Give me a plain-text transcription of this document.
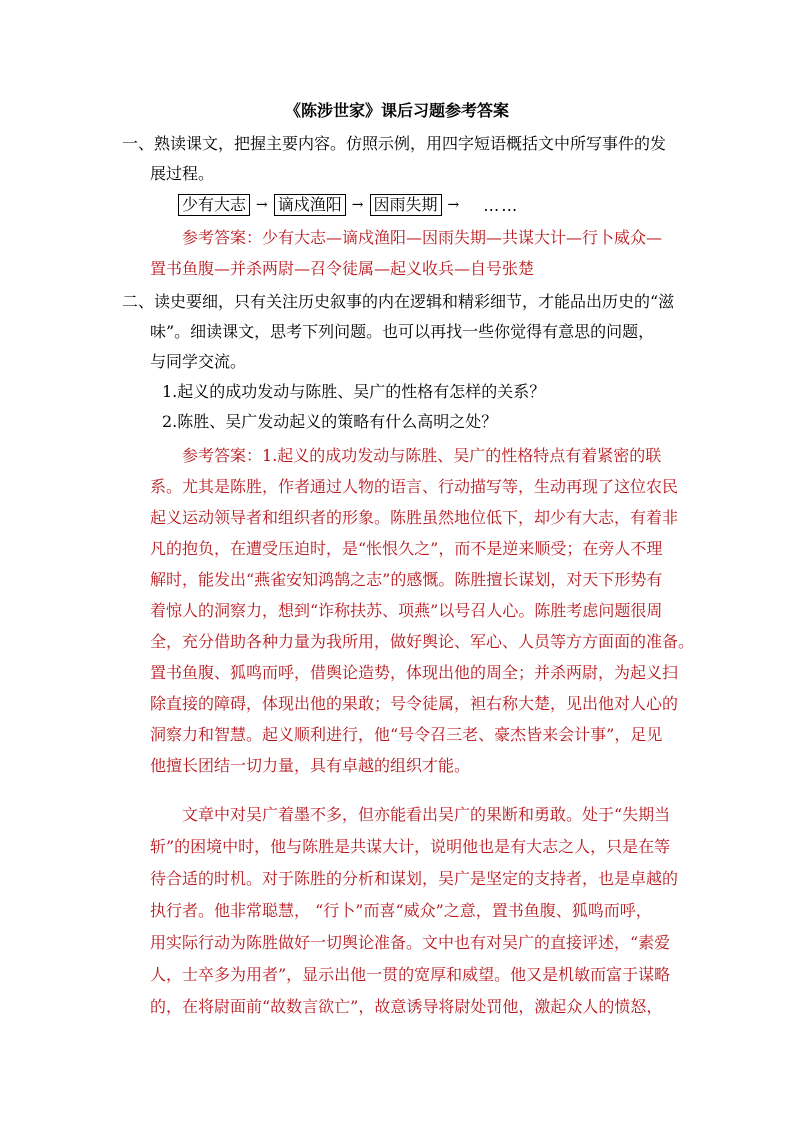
《陈涉世家》课后习题参考答案
一、熟读课文，把握主要内容。仿照示例，用四字短语概括文中所写事件的发
展过程。
少有大志 → 谪戍渔阳 → 因雨失期 → ……
参考答案：少有大志—谪戍渔阳—因雨失期—共谋大计—行卜威众—
置书鱼腹—并杀两尉—召令徒属—起义收兵—自号张楚
二、读史要细，只有关注历史叙事的内在逻辑和精彩细节，才能品出历史的“滋
味”。细读课文，思考下列问题。也可以再找一些你觉得有意思的问题，
与同学交流。
1.起义的成功发动与陈胜、吴广的性格有怎样的关系？
2.陈胜、吴广发动起义的策略有什么高明之处？
参考答案：1.起义的成功发动与陈胜、吴广的性格特点有着紧密的联
系。尤其是陈胜，作者通过人物的语言、行动描写等，生动再现了这位农民
起义运动领导者和组织者的形象。陈胜虽然地位低下，却少有大志，有着非
凡的抱负，在遭受压迫时，是“怅恨久之”，而不是逆来顺受；在旁人不理
解时，能发出“燕雀安知鸿鹄之志”的感慨。陈胜擅长谋划，对天下形势有
着惊人的洞察力，想到“诈称扶苏、项燕”以号召人心。陈胜考虑问题很周
全，充分借助各种力量为我所用，做好舆论、军心、人员等方方面面的准备。
置书鱼腹、狐鸣而呼，借舆论造势，体现出他的周全；并杀两尉，为起义扫
除直接的障碍，体现出他的果敢；号令徒属，袒右称大楚，见出他对人心的
洞察力和智慧。起义顺利进行，他“号令召三老、豪杰皆来会计事”，足见
他擅长团结一切力量，具有卓越的组织才能。
文章中对吴广着墨不多，但亦能看出吴广的果断和勇敢。处于“失期当
斩”的困境中时，他与陈胜是共谋大计，说明他也是有大志之人，只是在等
待合适的时机。对于陈胜的分析和谋划，吴广是坚定的支持者，也是卓越的
执行者。他非常聪慧， “行卜”而喜“威众”之意，置书鱼腹、狐鸣而呼，
用实际行动为陈胜做好一切舆论准备。文中也有对吴广的直接评述，“素爱
人，士卒多为用者”，显示出他一贯的宽厚和威望。他又是机敏而富于谋略
的，在将尉面前“故数言欲亡”，故意诱导将尉处罚他，激起众人的愤怒，
